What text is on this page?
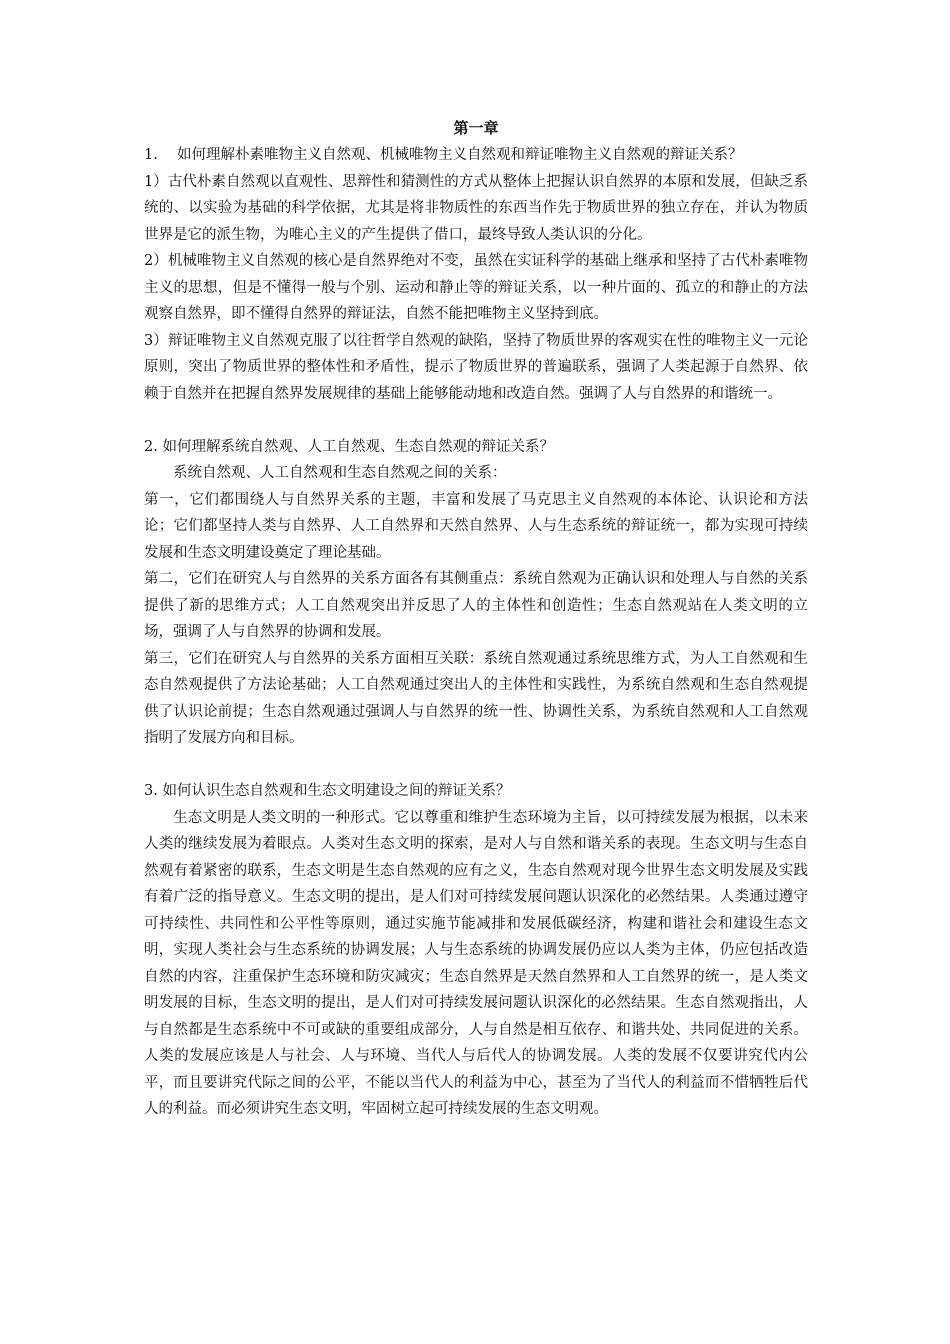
第一章

1.　 如何理解朴素唯物主义自然观、机械唯物主义自然观和辩证唯物主义自然观的辩证关系？

1）古代朴素自然观以直观性、思辩性和猜测性的方式从整体上把握认识自然界的本原和发展，但缺乏系统的、以实验为基础的科学依据，尤其是将非物质性的东西当作先于物质世界的独立存在，并认为物质世界是它的派生物，为唯心主义的产生提供了借口，最终导致人类认识的分化。

2）机械唯物主义自然观的核心是自然界绝对不变，虽然在实证科学的基础上继承和坚持了古代朴素唯物主义的思想，但是不懂得一般与个别、运动和静止等的辩证关系，以一种片面的、孤立的和静止的方法观察自然界，即不懂得自然界的辩证法，自然不能把唯物主义坚持到底。

3）辩证唯物主义自然观克服了以往哲学自然观的缺陷，坚持了物质世界的客观实在性的唯物主义一元论原则，突出了物质世界的整体性和矛盾性，提示了物质世界的普遍联系，强调了人类起源于自然界、依赖于自然并在把握自然界发展规律的基础上能够能动地和改造自然。强调了人与自然界的和谐统一。

2. 如何理解系统自然观、人工自然观、生态自然观的辩证关系？

系统自然观、人工自然观和生态自然观之间的关系：

第一，它们都围绕人与自然界关系的主题，丰富和发展了马克思主义自然观的本体论、认识论和方法论；它们都坚持人类与自然界、人工自然界和天然自然界、人与生态系统的辩证统一，都为实现可持续发展和生态文明建设奠定了理论基础。

第二，它们在研究人与自然界的关系方面各有其侧重点：系统自然观为正确认识和处理人与自然的关系提供了新的思维方式；人工自然观突出并反思了人的主体性和创造性；生态自然观站在人类文明的立场，强调了人与自然界的协调和发展。

第三，它们在研究人与自然界的关系方面相互关联：系统自然观通过系统思维方式，为人工自然观和生态自然观提供了方法论基础；人工自然观通过突出人的主体性和实践性，为系统自然观和生态自然观提供了认识论前提；生态自然观通过强调人与自然界的统一性、协调性关系，为系统自然观和人工自然观指明了发展方向和目标。

3. 如何认识生态自然观和生态文明建设之间的辩证关系？

生态文明是人类文明的一种形式。它以尊重和维护生态环境为主旨，以可持续发展为根据，以未来人类的继续发展为着眼点。人类对生态文明的探索，是对人与自然和谐关系的表现。生态文明与生态自然观有着紧密的联系，生态文明是生态自然观的应有之义，生态自然观对现今世界生态文明发展及实践有着广泛的指导意义。生态文明的提出，是人们对可持续发展问题认识深化的必然结果。人类通过遵守可持续性、共同性和公平性等原则，通过实施节能减排和发展低碳经济，构建和谐社会和建设生态文明，实现人类社会与生态系统的协调发展；人与生态系统的协调发展仍应以人类为主体，仍应包括改造自然的内容，注重保护生态环境和防灾减灾；生态自然界是天然自然界和人工自然界的统一，是人类文明发展的目标，生态文明的提出，是人们对可持续发展问题认识深化的必然结果。生态自然观指出，人与自然都是生态系统中不可或缺的重要组成部分，人与自然是相互依存、和谐共处、共同促进的关系。人类的发展应该是人与社会、人与环境、当代人与后代人的协调发展。人类的发展不仅要讲究代内公平，而且要讲究代际之间的公平，不能以当代人的利益为中心，甚至为了当代人的利益而不惜牺牲后代人的利益。而必须讲究生态文明，牢固树立起可持续发展的生态文明观。
